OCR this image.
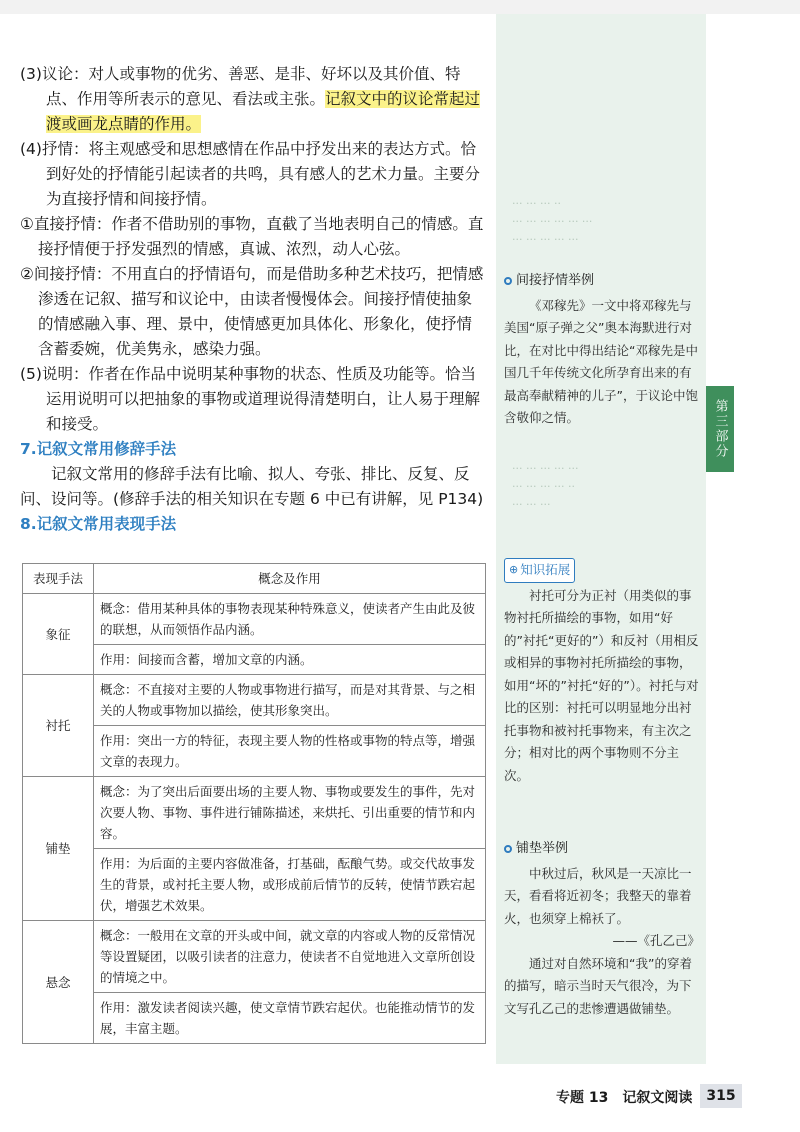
第三部分
··· ··· ··· ··
··· ··· ··· ··· ··· ···
··· ··· ··· ··· ···
··· ··· ··· ··· ···
··· ··· ··· ··· ··
··· ··· ···

(3)议论：对人或事物的优劣、善恶、是非、好坏以及其价值、特点、作用等所表示的意见、看法或主张。记叙文中的议论常起过渡或画龙点睛的作用。

(4)抒情：将主观感受和思想感情在作品中抒发出来的表达方式。恰到好处的抒情能引起读者的共鸣，具有感人的艺术力量。主要分为直接抒情和间接抒情。

①直接抒情：作者不借助别的事物，直截了当地表明自己的情感。直接抒情便于抒发强烈的情感，真诚、浓烈，动人心弦。

②间接抒情：不用直白的抒情语句，而是借助多种艺术技巧，把情感渗透在记叙、描写和议论中，由读者慢慢体会。间接抒情使抽象的情感融入事、理、景中，使情感更加具体化、形象化，使抒情含蓄委婉，优美隽永，感染力强。

(5)说明：作者在作品中说明某种事物的状态、性质及功能等。恰当运用说明可以把抽象的事物或道理说得清楚明白，让人易于理解和接受。

7.记叙文常用修辞手法

记叙文常用的修辞手法有比喻、拟人、夸张、排比、反复、反问、设问等。(修辞手法的相关知识在专题 6 中已有讲解，见 P134)

8.记叙文常用表现手法

表现手法	概念及作用
象征	概念：借用某种具体的事物表现某种特殊意义，使读者产生由此及彼的联想，从而领悟作品内涵。
	作用：间接而含蓄，增加文章的内涵。
衬托	概念：不直接对主要的人物或事物进行描写，而是对其背景、与之相关的人物或事物加以描绘，使其形象突出。
	作用：突出一方的特征，表现主要人物的性格或事物的特点等，增强文章的表现力。
铺垫	概念：为了突出后面要出场的主要人物、事物或要发生的事件，先对次要人物、事物、事件进行铺陈描述，来烘托、引出重要的情节和内容。
	作用：为后面的主要内容做准备，打基础，酝酿气势。或交代故事发生的背景，或衬托主要人物，或形成前后情节的反转，使情节跌宕起伏，增强艺术效果。
悬念	概念：一般用在文章的开头或中间，就文章的内容或人物的反常情况等设置疑团，以吸引读者的注意力，使读者不自觉地进入文章所创设的情境之中。
	作用：激发读者阅读兴趣，使文章情节跌宕起伏。也能推动情节的发展，丰富主题。
间接抒情举例
《邓稼先》一文中将邓稼先与美国“原子弹之父”奥本海默进行对比，在对比中得出结论“邓稼先是中国几千年传统文化所孕育出来的有最高奉献精神的儿子”，于议论中饱含敬仰之情。
⊕ 知识拓展
衬托可分为正衬（用类似的事物衬托所描绘的事物，如用“好的”衬托“更好的”）和反衬（用相反或相异的事物衬托所描绘的事物，如用“坏的”衬托“好的”）。衬托与对比的区别：衬托可以明显地分出衬托事物和被衬托事物来，有主次之分；相对比的两个事物则不分主次。
铺垫举例
中秋过后，秋风是一天凉比一天，看看将近初冬；我整天的靠着火，也须穿上棉袄了。
——《孔乙己》
通过对自然环境和“我”的穿着的描写，暗示当时天气很冷，为下文写孔乙己的悲惨遭遇做铺垫。
专题 13　记叙文阅读	315
